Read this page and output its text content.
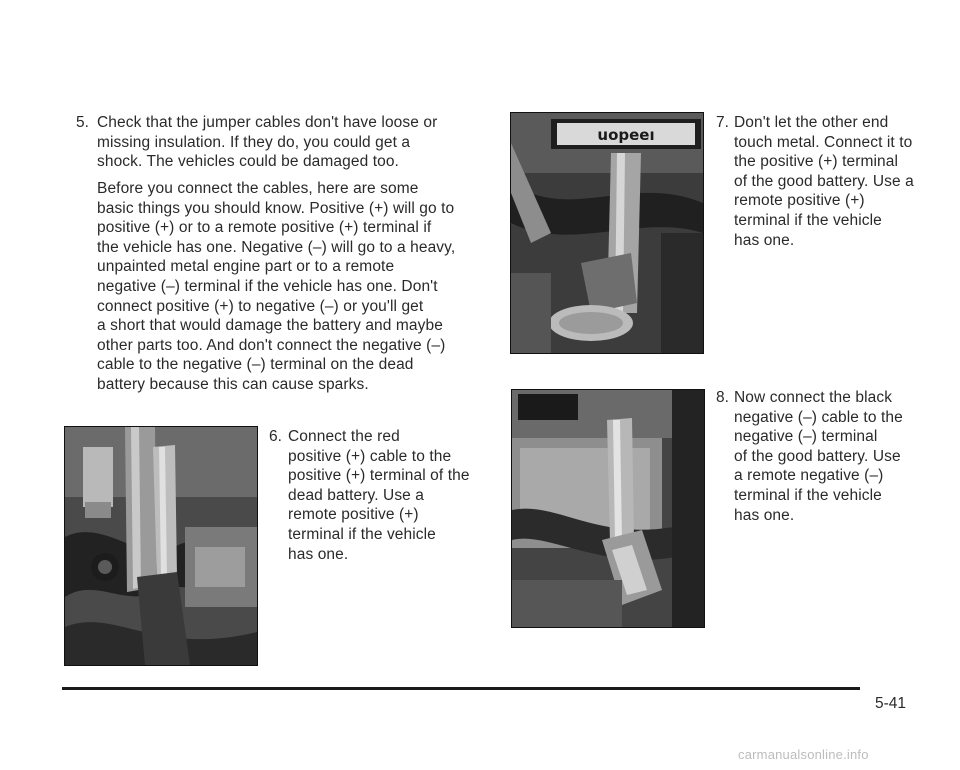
5. Check that the jumper cables don't have loose or
missing insulation. If they do, you could get a
shock. The vehicles could be damaged too.
Before you connect the cables, here are some
basic things you should know. Positive (+) will go to
positive (+) or to a remote positive (+) terminal if
the vehicle has one. Negative (–) will go to a heavy,
unpainted metal engine part or to a remote
negative (–) terminal if the vehicle has one. Don't
connect positive (+) to negative (–) or you'll get
a short that would damage the battery and maybe
other parts too. And don't connect the negative (–)
cable to the negative (–) terminal on the dead
battery because this can cause sparks.
6. Connect the red
positive (+) cable to the
positive (+) terminal of the
dead battery. Use a
remote positive (+)
terminal if the vehicle
has one.
uopeeı
7. Don't let the other end
touch metal. Connect it to
the positive (+) terminal
of the good battery. Use a
remote positive (+)
terminal if the vehicle
has one.
8. Now connect the black
negative (–) cable to the
negative (–) terminal
of the good battery. Use
a remote negative (–)
terminal if the vehicle
has one.
5-41
carmanualsonline.info
